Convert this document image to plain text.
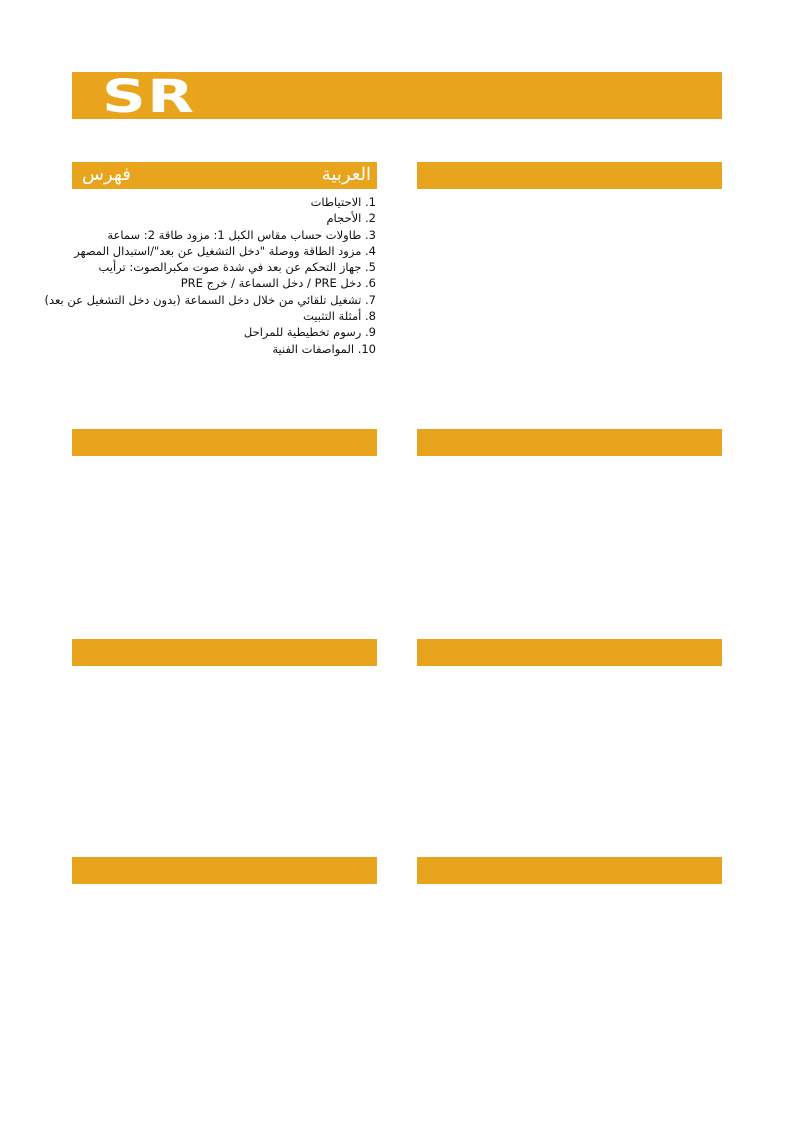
SR
العربية
فهرس
1. الاحتياطات
2. الأحجام
3. طاولات حساب مقاس الكبل 1: مزود طاقة 2: سماعة
4. مزود الطاقة ووصلة "دخل التشغيل عن بعد"/استبدال المصهر
5. جهاز التحكم عن بعد في شدة صوت مكبرالصوت: ترأيب
6. دخل PRE / دخل السماعة / خرج PRE
7. تشغيل تلقائي من خلال دخل السماعة (بدون دخل التشغيل عن بعد)
8. أمثلة التثبيت
9. رسوم تخطيطية للمراحل
10. المواصفات الفنية
